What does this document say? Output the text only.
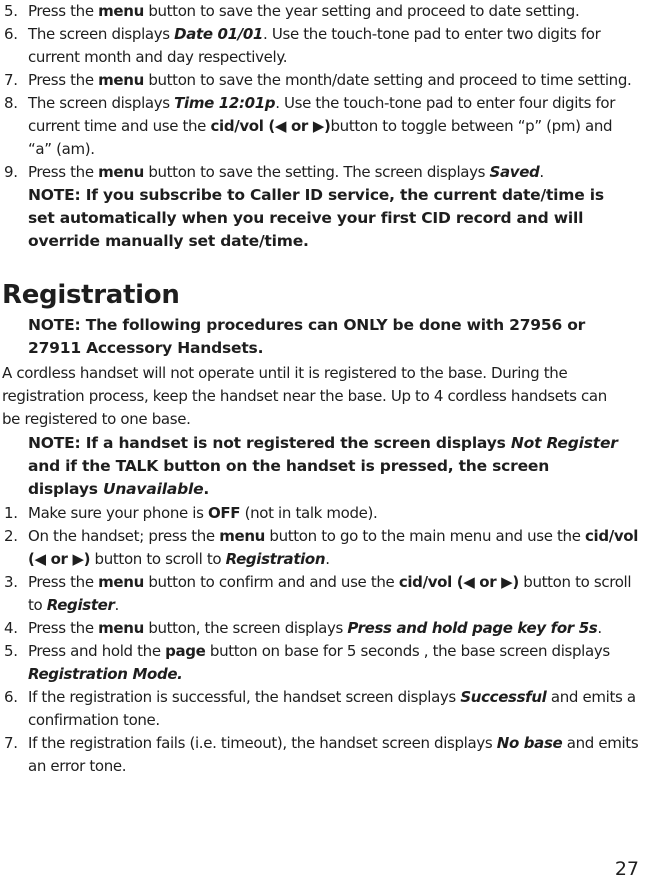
5. Press the menu button to save the year setting and proceed to date setting.
6. The screen displays Date 01/01. Use the touch-tone pad to enter two digits for current month and day respectively.
7. Press the menu button to save the month/date setting and proceed to time setting.
8. The screen displays Time 12:01p. Use the touch-tone pad to enter four digits for current time and use the cid/vol (◀ or ▶)button to toggle between “p” (pm) and “a” (am).
9. Press the menu button to save the setting. The screen displays Saved.
NOTE: If you subscribe to Caller ID service, the current date/time is set automatically when you receive your first CID record and will override manually set date/time.
Registration
NOTE: The following procedures can ONLY be done with 27956 or 27911 Accessory Handsets.
A cordless handset will not operate until it is registered to the base. During the registration process, keep the handset near the base. Up to 4 cordless handsets can be registered to one base.
NOTE: If a handset is not registered the screen displays Not Register and if the TALK button on the handset is pressed, the screen displays Unavailable.
1. Make sure your phone is OFF (not in talk mode).
2. On the handset; press the menu button to go to the main menu and use the cid/vol (◀ or ▶) button to scroll to Registration.
3. Press the menu button to confirm and and use the cid/vol (◀ or ▶) button to scroll to Register.
4. Press the menu button, the screen displays Press and hold page key for 5s.
5. Press and hold the page button on base for 5 seconds , the base screen displays Registration Mode.
6. If the registration is successful, the handset screen displays Successful and emits a confirmation tone.
7. If the registration fails (i.e. timeout), the handset screen displays No base and emits an error tone.
27
